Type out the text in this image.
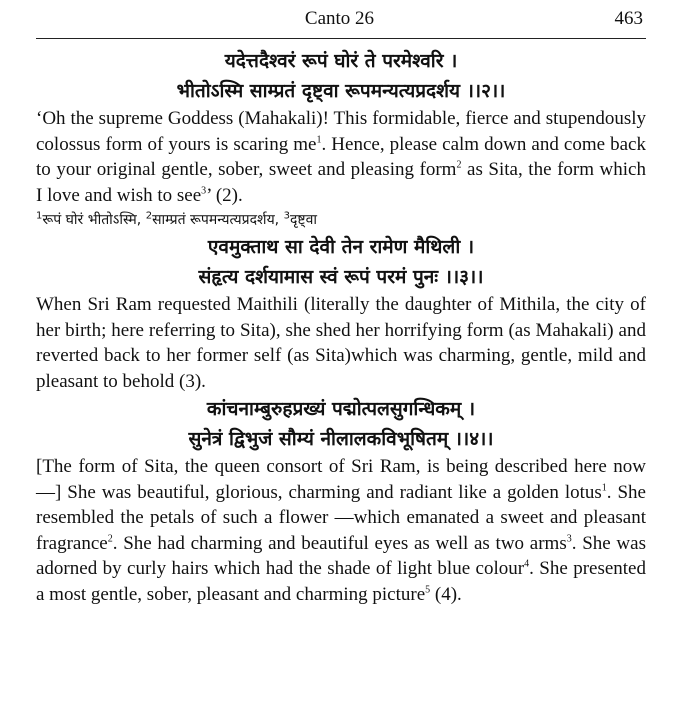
Canto 26	463
यदेत्तदैश्वरं रूपं घोरं ते परमेश्वरि ।
भीतोऽस्मि साम्प्रतं दृष्ट्वा रूपमन्यत्यप्रदर्शय ।।२।।

‘Oh the supreme Goddess (Mahakali)! This formidable, fierce and stupendously colossus form of yours is scaring $me^1$. Hence, please calm down and come back to your original gentle, sober, sweet and pleasing form$^2$ as Sita, the form which I love and wish to see$^3$’ (2).

$^1$रूपं घोरं भीतोऽस्मि, $^2$साम्प्रतं रूपमन्यत्यप्रदर्शय, $^3$दृष्ट्वा

एवमुक्ताथ सा देवी तेन रामेण मैथिली ।
संहृत्य दर्शयामास स्वं रूपं परमं पुनः ।।३।।

When Sri Ram requested Maithili (literally the daughter of Mithila, the city of her birth; here referring to Sita), she shed her horrifying form (as Mahakali) and reverted back to her former self (as Sita)which was charming, gentle, mild and pleasant to behold (3).

कांचनाम्बुरुहप्रख्यं पद्मोत्पलसुगन्धिकम् ।
सुनेत्रं द्विभुजं सौम्यं नीलालकविभूषितम् ।।४।।

[The form of Sita, the queen consort of Sri Ram, is being described here now—] She was beautiful, glorious, charming and radiant like a golden lotus$^1$. She resembled the petals of such a flower —which emanated a sweet and pleasant fragrance$^2$. She had charming and beautiful eyes as well as two arms$^3$. She was adorned by curly hairs which had the shade of light blue colour$^4$. She presented a most gentle, sober, pleasant and charming picture$^5$ (4).
